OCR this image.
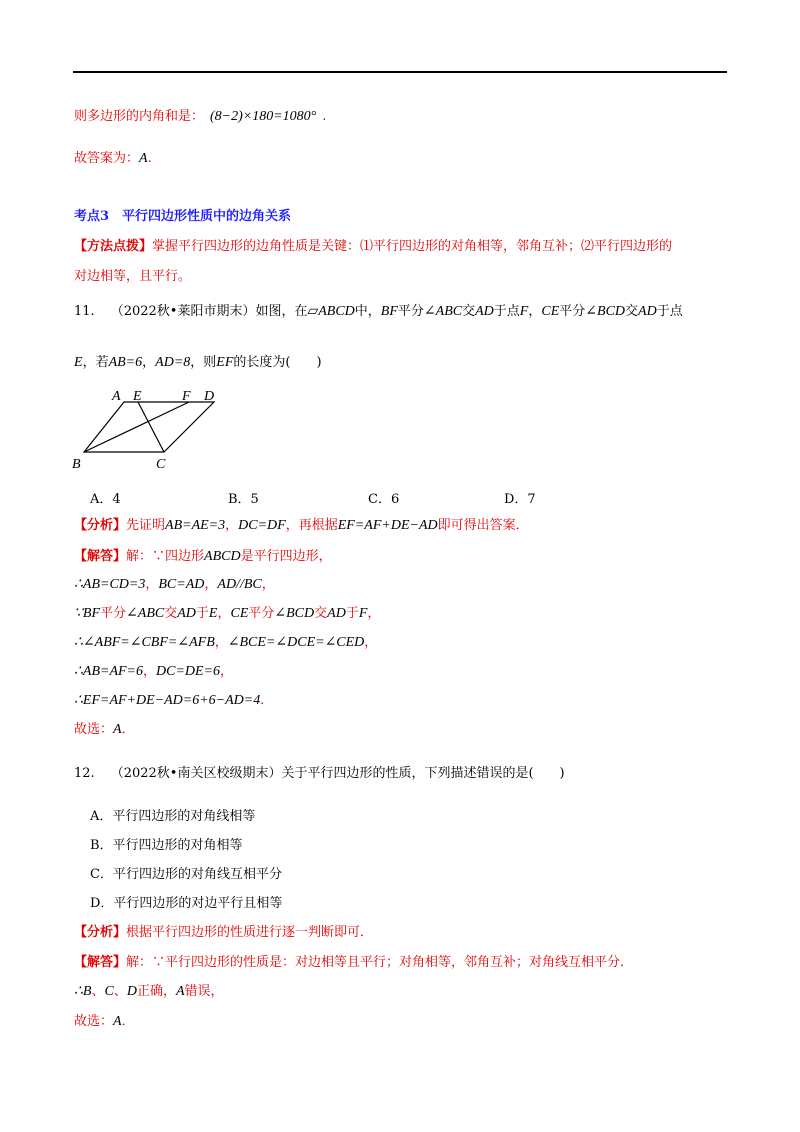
则多边形的内角和是： (8−2)×180=1080° .
故答案为：A.
考点3　平行四边形性质中的边角关系
【方法点拨】掌握平行四边形的边角性质是关键：⑴平行四边形的对角相等，邻角互补；⑵平行四边形的
对边相等，且平行。
11. （2022秋•莱阳市期末）如图，在▱ABCD中，BF平分∠ABC交AD于点F，CE平分∠BCD交AD于点
E，若AB=6，AD=8，则EF的长度为(　　)
A E	F D
B	C
A．4	B．5	C．6	D．7
【分析】先证明AB=AE=3，DC=DF，再根据EF=AF+DE−AD即可得出答案．
【解答】解：∵四边形ABCD是平行四边形，
∴AB=CD=3，BC=AD，AD//BC，
∵BF平分∠ABC交AD于E，CE平分∠BCD交AD于F，
∴∠ABF=∠CBF=∠AFB，∠BCE=∠DCE=∠CED，
∴AB=AF=6，DC=DE=6，
∴EF=AF+DE−AD=6+6−AD=4．
故选：A．
12. （2022秋•南关区校级期末）关于平行四边形的性质，下列描述错误的是(　　)
A．平行四边形的对角线相等
B．平行四边形的对角相等
C．平行四边形的对角线互相平分
D．平行四边形的对边平行且相等
【分析】根据平行四边形的性质进行逐一判断即可．
【解答】解：∵平行四边形的性质是：对边相等且平行；对角相等，邻角互补；对角线互相平分．
∴B、C、D正确，A错误，
故选：A．
